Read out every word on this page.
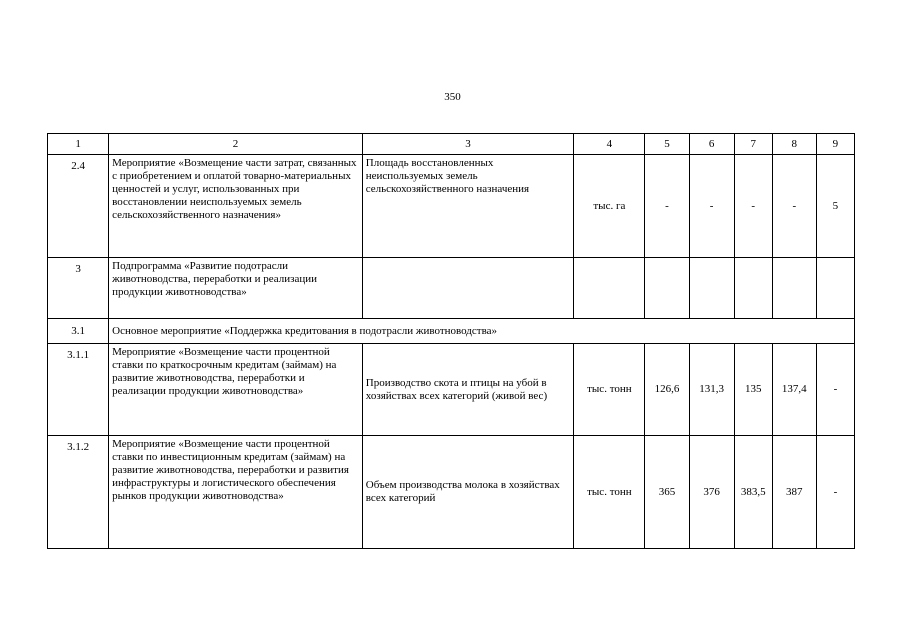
350
1	2	3	4	5	6	7	8	9
2.4	Мероприятие «Возмещение части затрат, связанных с приобретением и оплатой товарно-материальных ценностей и услуг, использованных при восстановлении неиспользуемых земель сельскохозяйственного назначения»	Площадь восстановленных неиспользуемых земель сельскохозяйственного назначения	тыс. га	-	-	-	-	5
3	Подпрограмма «Развитие подотрасли животноводства, переработки и реализации продукции животноводства»							
3.1	Основное мероприятие «Поддержка кредитования в подотрасли животноводства»							
3.1.1	Мероприятие «Возмещение части процентной ставки по краткосрочным кредитам (займам) на развитие животноводства, переработки и реализации продукции животноводства»	Производство скота и птицы на убой в хозяйствах всех категорий (живой вес)	тыс. тонн	126,6	131,3	135	137,4	-
3.1.2	Мероприятие «Возмещение части процентной ставки по инвестиционным кредитам (займам) на развитие животноводства, переработки и развития инфраструктуры и логистического обеспечения рынков продукции животноводства»	Объем производства молока в хозяйствах всех категорий	тыс. тонн	365	376	383,5	387	-
